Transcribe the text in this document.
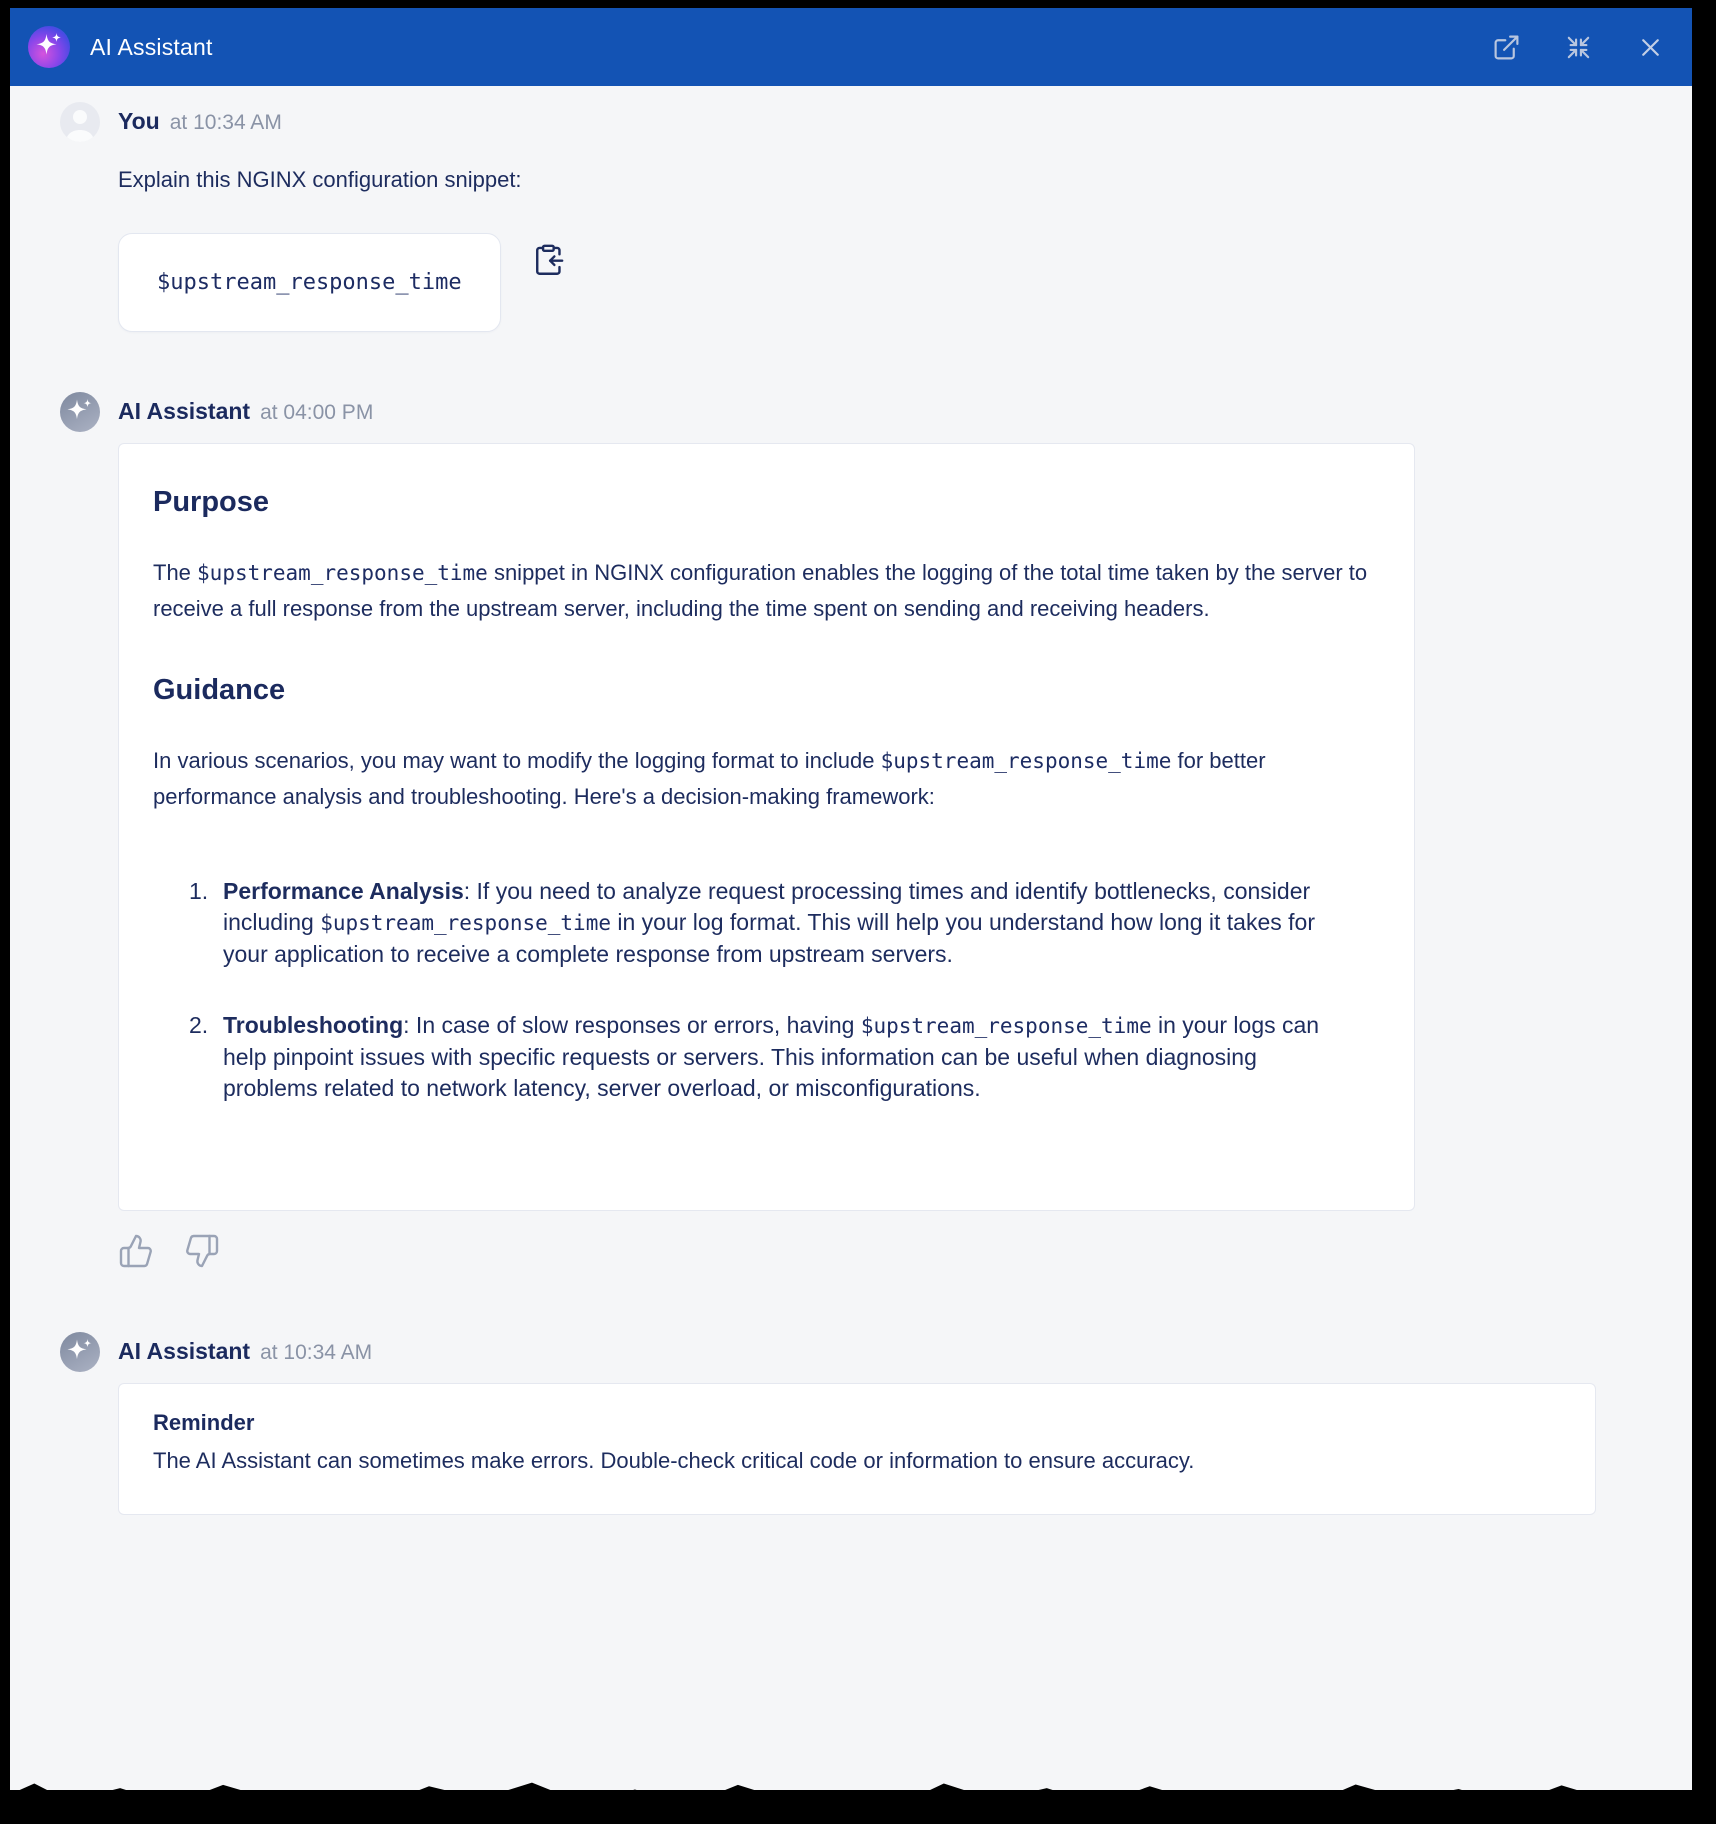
AI Assistant
You at 10:34 AM
Explain this NGINX configuration snippet:
$upstream_response_time
AI Assistant at 04:00 PM
Purpose
The $upstream_response_time snippet in NGINX configuration enables the logging of the total time taken by the server to receive a full response from the upstream server, including the time spent on sending and receiving headers.
Guidance
In various scenarios, you may want to modify the logging format to include $upstream_response_time for better performance analysis and troubleshooting. Here's a decision-making framework:
1. Performance Analysis: If you need to analyze request processing times and identify bottlenecks, consider including $upstream_response_time in your log format. This will help you understand how long it takes for your application to receive a complete response from upstream servers.
2. Troubleshooting: In case of slow responses or errors, having $upstream_response_time in your logs can help pinpoint issues with specific requests or servers. This information can be useful when diagnosing problems related to network latency, server overload, or misconfigurations.
AI Assistant at 10:34 AM
Reminder
The AI Assistant can sometimes make errors. Double-check critical code or information to ensure accuracy.
